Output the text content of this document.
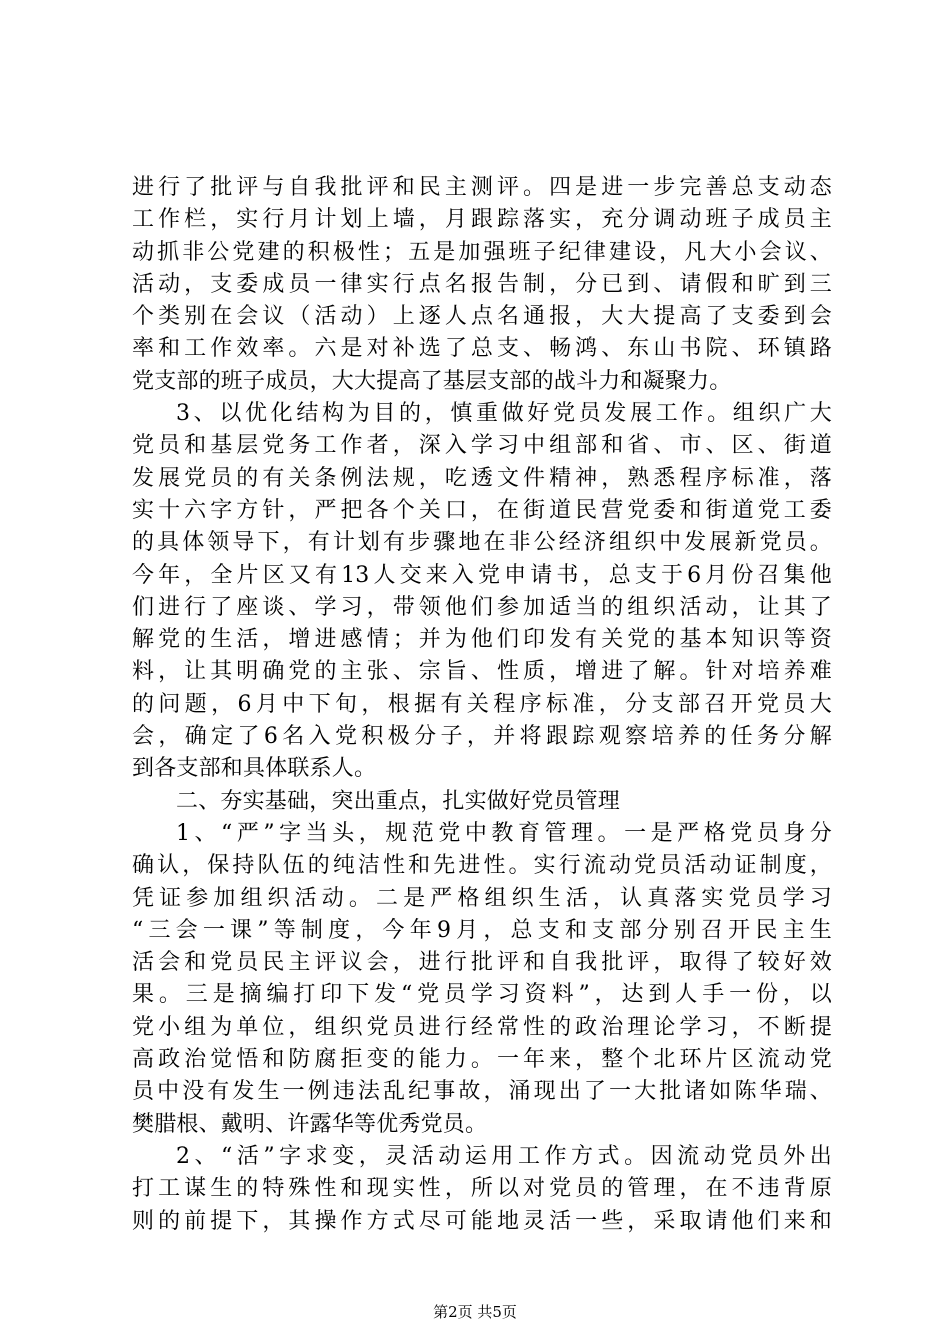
进行了批评与自我批评和民主测评。四是进一步完善总支动态
工作栏，实行月计划上墙，月跟踪落实，充分调动班子成员主
动抓非公党建的积极性；五是加强班子纪律建设，凡大小会议、
活动，支委成员一律实行点名报告制，分已到、请假和旷到三
个类别在会议（活动）上逐人点名通报，大大提高了支委到会
率和工作效率。六是对补选了总支、畅鸿、东山书院、环镇路
党支部的班子成员，大大提高了基层支部的战斗力和凝聚力。
3、以优化结构为目的，慎重做好党员发展工作。组织广大
党员和基层党务工作者，深入学习中组部和省、市、区、街道
发展党员的有关条例法规，吃透文件精神，熟悉程序标准，落
实十六字方针，严把各个关口，在街道民营党委和街道党工委
的具体领导下，有计划有步骤地在非公经济组织中发展新党员。
今年，全片区又有13人交来入党申请书，总支于6月份召集他
们进行了座谈、学习，带领他们参加适当的组织活动，让其了
解党的生活，增进感情；并为他们印发有关党的基本知识等资
料，让其明确党的主张、宗旨、性质，增进了解。针对培养难
的问题，6月中下旬，根据有关程序标准，分支部召开党员大
会，确定了6名入党积极分子，并将跟踪观察培养的任务分解
到各支部和具体联系人。
二、夯实基础，突出重点，扎实做好党员管理
1、“严”字当头，规范党中教育管理。一是严格党员身分
确认，保持队伍的纯洁性和先进性。实行流动党员活动证制度，
凭证参加组织活动。二是严格组织生活，认真落实党员学习
“三会一课”等制度，今年9月，总支和支部分别召开民主生
活会和党员民主评议会，进行批评和自我批评，取得了较好效
果。三是摘编打印下发“党员学习资料”，达到人手一份，以
党小组为单位，组织党员进行经常性的政治理论学习，不断提
高政治觉悟和防腐拒变的能力。一年来，整个北环片区流动党
员中没有发生一例违法乱纪事故，涌现出了一大批诸如陈华瑞、
樊腊根、戴明、许露华等优秀党员。
2、“活”字求变，灵活动运用工作方式。因流动党员外出
打工谋生的特殊性和现实性，所以对党员的管理，在不违背原
则的前提下，其操作方式尽可能地灵活一些，采取请他们来和
第2页 共5页
